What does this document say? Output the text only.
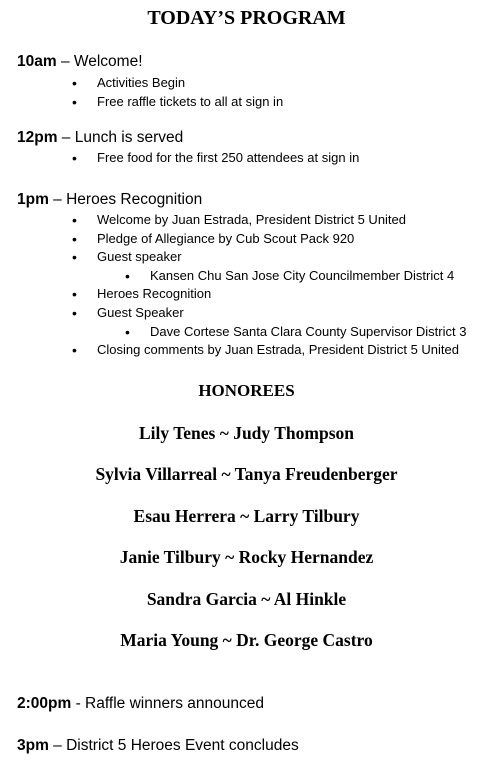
TODAY’S PROGRAM
10am – Welcome!
• Activities Begin
• Free raffle tickets to all at sign in
12pm – Lunch is served
• Free food for the first 250 attendees at sign in
1pm – Heroes Recognition
• Welcome by Juan Estrada, President District 5 United
• Pledge of Allegiance by Cub Scout Pack 920
• Guest speaker
• Kansen Chu San Jose City Councilmember District 4
• Heroes Recognition
• Guest Speaker
• Dave Cortese Santa Clara County Supervisor District 3
• Closing comments by Juan Estrada, President District 5 United
HONOREES
Lily Tenes ~ Judy Thompson
Sylvia Villarreal ~ Tanya Freudenberger
Esau Herrera ~ Larry Tilbury
Janie Tilbury ~ Rocky Hernandez
Sandra Garcia ~ Al Hinkle
Maria Young ~ Dr. George Castro
2:00pm - Raffle winners announced
3pm – District 5 Heroes Event concludes
